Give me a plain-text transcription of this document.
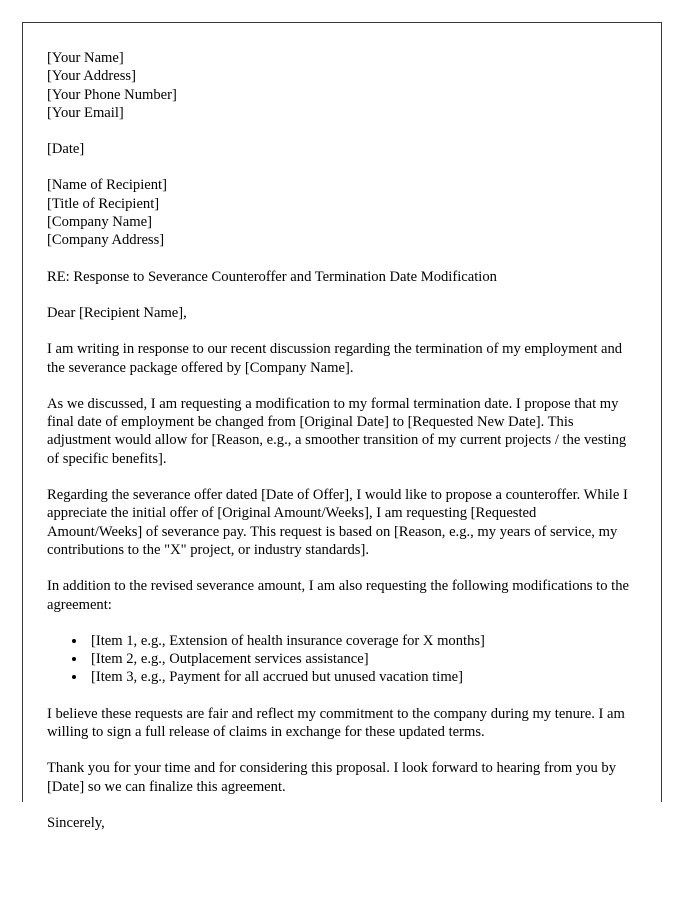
[Your Name]
[Your Address]
[Your Phone Number]
[Your Email]
[Date]
[Name of Recipient]
[Title of Recipient]
[Company Name]
[Company Address]
RE: Response to Severance Counteroffer and Termination Date Modification
Dear [Recipient Name],
I am writing in response to our recent discussion regarding the termination of my employment and the severance package offered by [Company Name].
As we discussed, I am requesting a modification to my formal termination date. I propose that my final date of employment be changed from [Original Date] to [Requested New Date]. This adjustment would allow for [Reason, e.g., a smoother transition of my current projects / the vesting of specific benefits].
Regarding the severance offer dated [Date of Offer], I would like to propose a counteroffer. While I appreciate the initial offer of [Original Amount/Weeks], I am requesting [Requested Amount/Weeks] of severance pay. This request is based on [Reason, e.g., my years of service, my contributions to the "X" project, or industry standards].
In addition to the revised severance amount, I am also requesting the following modifications to the agreement:
• [Item 1, e.g., Extension of health insurance coverage for X months]
• [Item 2, e.g., Outplacement services assistance]
• [Item 3, e.g., Payment for all accrued but unused vacation time]
I believe these requests are fair and reflect my commitment to the company during my tenure. I am willing to sign a full release of claims in exchange for these updated terms.
Thank you for your time and for considering this proposal. I look forward to hearing from you by [Date] so we can finalize this agreement.
Sincerely,
